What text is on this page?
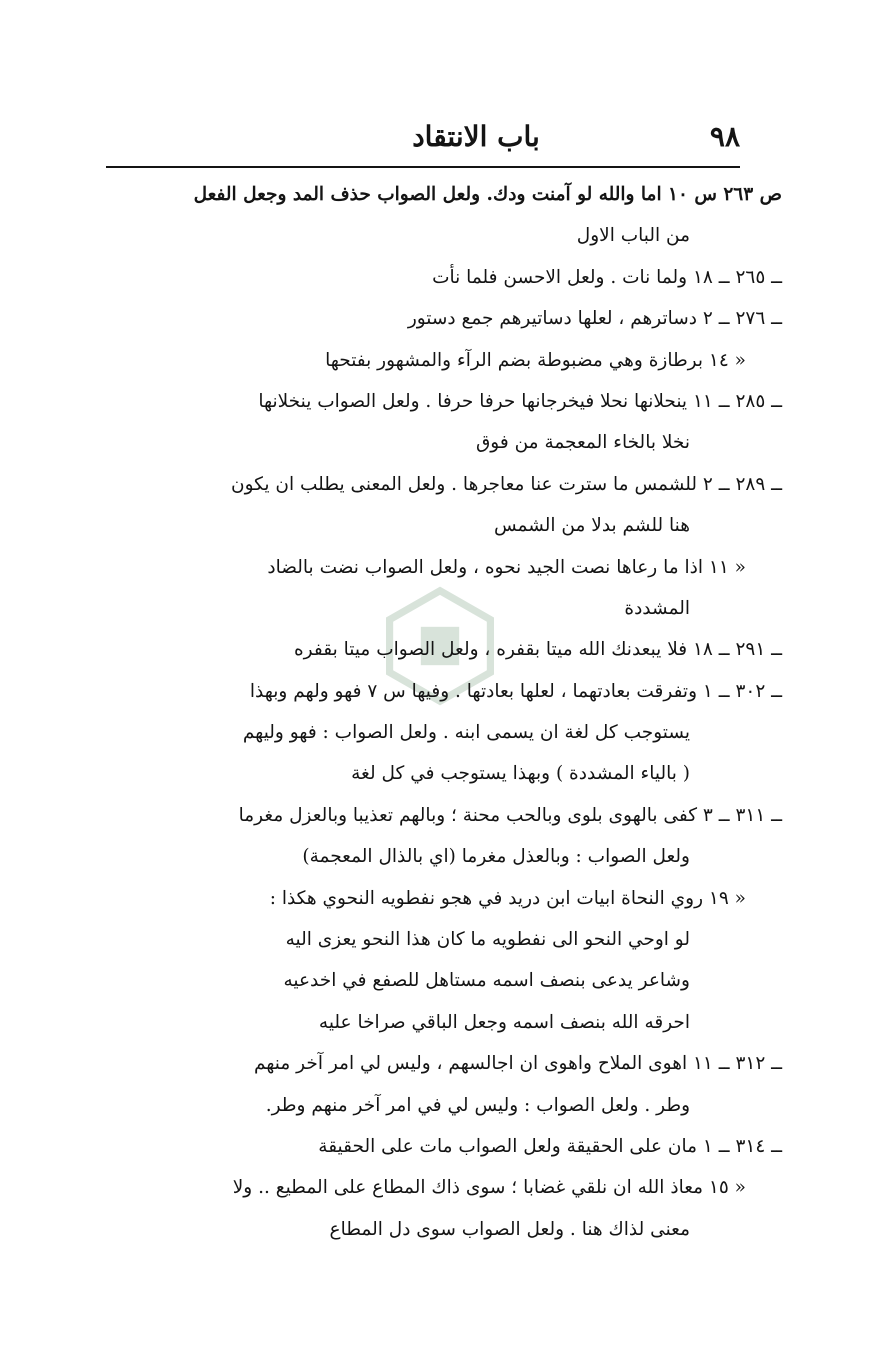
٩٨
باب الانتقاد
ص ٢٦٣ س ١٠ اما والله لو آمنت ودك. ولعل الصواب حذف المد وجعل الفعل
من الباب الاول
ــ ٢٦٥ ــ ١٨ ولما نات . ولعل الاحسن فلما نأت
ــ ٢٧٦ ــ ٢ دساترهم ، لعلها دساتيرهم جمع دستور
« ١٤ برطازة وهي مضبوطة بضم الرآء والمشهور بفتحها
ــ ٢٨٥ ــ ١١ ينحلانها نحلا فيخرجانها حرفا حرفا . ولعل الصواب ينخلانها
نخلا بالخاء المعجمة من فوق
ــ ٢٨٩ ــ ٢ للشمس ما سترت عنا معاجرها . ولعل المعنى يطلب ان يكون
هنا للشم بدلا من الشمس
« ١١ اذا ما رعاها نصت الجيد نحوه ، ولعل الصواب نضت بالضاد
المشددة
ــ ٢٩١ ــ ١٨ فلا يبعدنك الله ميتا بقفره ، ولعل الصواب ميتا بقفره
ــ ٣٠٢ ــ ١ وتفرقت بعادتهما ، لعلها بعادتها . وفيها س ٧ فهو ولهم وبهذا
يستوجب كل لغة ان يسمى ابنه . ولعل الصواب : فهو وليهم
( بالياء المشددة ) وبهذا يستوجب في كل لغة
ــ ٣١١ ــ ٣ كفى بالهوى بلوى وبالحب محنة ؛ وبالهم تعذيبا وبالعزل مغرما
ولعل الصواب : وبالعذل مغرما (اي بالذال المعجمة)
« ١٩ روي النحاة ابيات ابن دريد في هجو نفطويه النحوي هكذا :
لو اوحي النحو الى نفطويه ما كان هذا النحو يعزى اليه
وشاعر يدعى بنصف اسمه مستاهل للصفع في اخدعيه
احرقه الله بنصف اسمه وجعل الباقي صراخا عليه
ــ ٣١٢ ــ ١١ اهوى الملاح واهوى ان اجالسهم ، وليس لي امر آخر منهم
وطر . ولعل الصواب : وليس لي في امر آخر منهم وطر.
ــ ٣١٤ ــ ١ مان على الحقيقة ولعل الصواب مات على الحقيقة
« ١٥ معاذ الله ان نلقي غضابا ؛ سوى ذاك المطاع على المطيع .. ولا
معنى لذاك هنا . ولعل الصواب سوى دل المطاع
